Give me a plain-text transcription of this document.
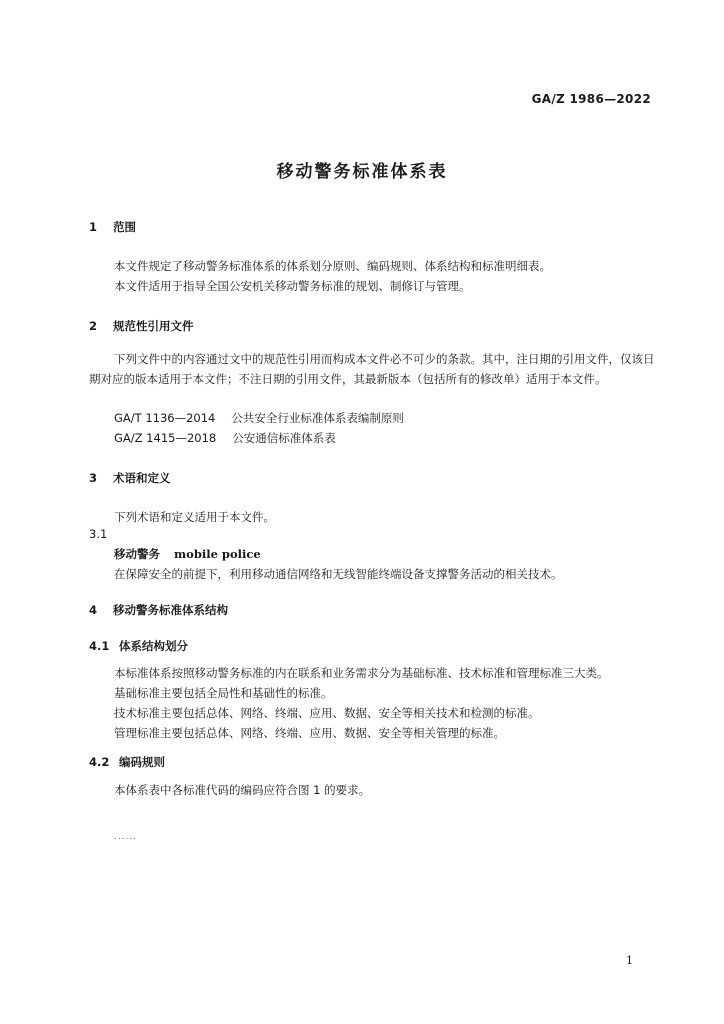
GA/Z 1986—2022
移动警务标准体系表
1 范围
本文件规定了移动警务标准体系的体系划分原则、编码规则、体系结构和标准明细表。
本文件适用于指导全国公安机关移动警务标准的规划、制修订与管理。
2 规范性引用文件
下列文件中的内容通过文中的规范性引用而构成本文件必不可少的条款。其中，注日期的引用文件，仅该日期对应的版本适用于本文件；不注日期的引用文件，其最新版本（包括所有的修改单）适用于本文件。
GA/T 1136—2014 公共安全行业标准体系表编制原则
GA/Z 1415—2018 公安通信标准体系表
3 术语和定义
下列术语和定义适用于本文件。
3.1
移动警务 mobile police
在保障安全的前提下，利用移动通信网络和无线智能终端设备支撑警务活动的相关技术。
4 移动警务标准体系结构
4.1 体系结构划分
本标准体系按照移动警务标准的内在联系和业务需求分为基础标准、技术标准和管理标准三大类。
基础标准主要包括全局性和基础性的标准。
技术标准主要包括总体、网络、终端、应用、数据、安全等相关技术和检测的标准。
管理标准主要包括总体、网络、终端、应用、数据、安全等相关管理的标准。
4.2 编码规则
本体系表中各标准代码的编码应符合图 1 的要求。
......
1
